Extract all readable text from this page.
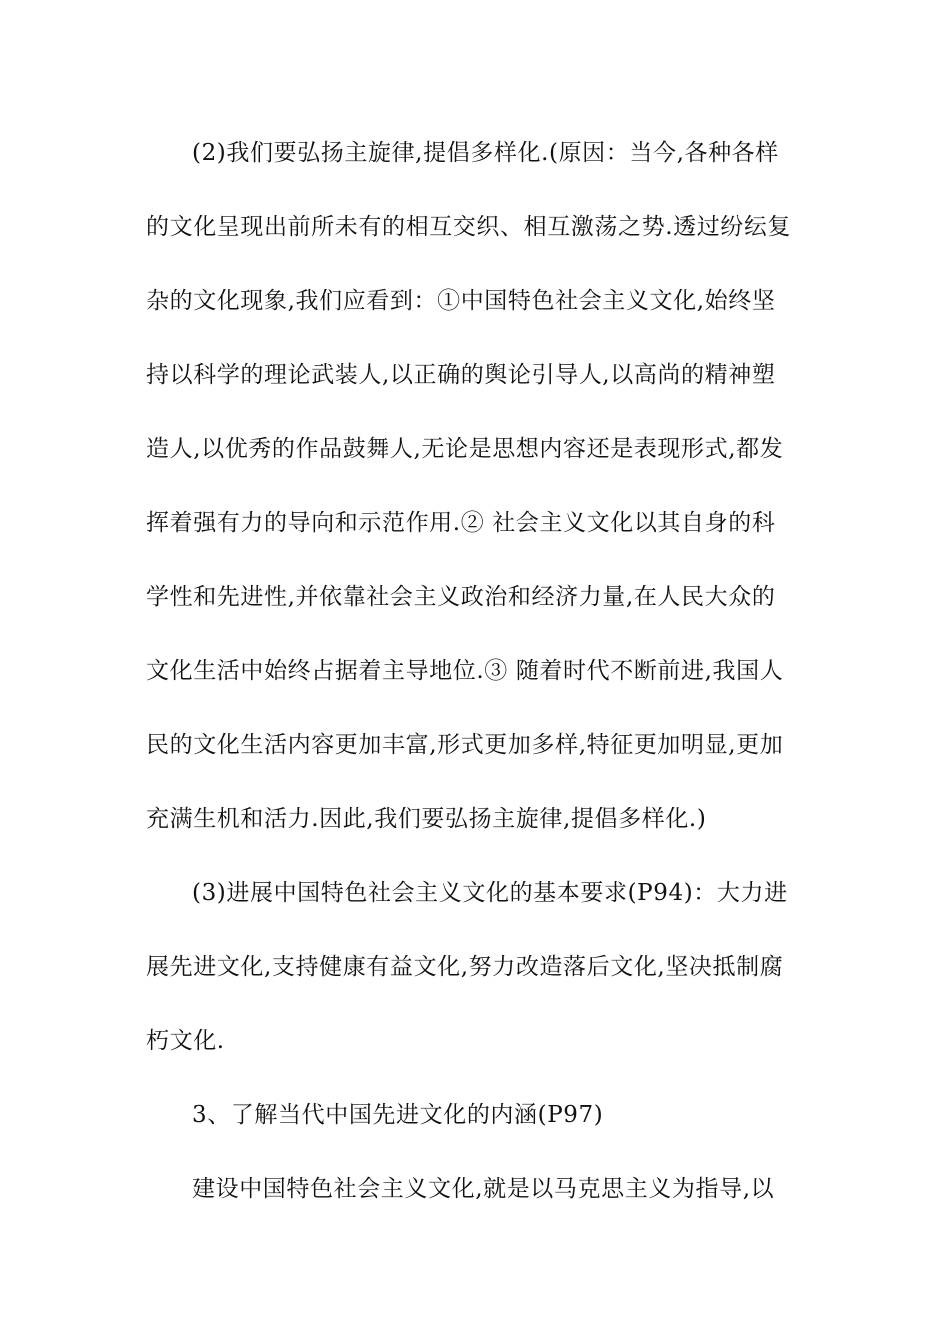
(2)我们要弘扬主旋律,提倡多样化.(原因：当今,各种各样
的文化呈现出前所未有的相互交织、相互激荡之势.透过纷纭复
杂的文化现象,我们应看到：①中国特色社会主义文化,始终坚
持以科学的理论武装人,以正确的舆论引导人,以高尚的精神塑
造人,以优秀的作品鼓舞人,无论是思想内容还是表现形式,都发
挥着强有力的导向和示范作用.② 社会主义文化以其自身的科
学性和先进性,并依靠社会主义政治和经济力量,在人民大众的
文化生活中始终占据着主导地位.③ 随着时代不断前进,我国人
民的文化生活内容更加丰富,形式更加多样,特征更加明显,更加
充满生机和活力.因此,我们要弘扬主旋律,提倡多样化.)
(3)进展中国特色社会主义文化的基本要求(P94)：大力进
展先进文化,支持健康有益文化,努力改造落后文化,坚决抵制腐
朽文化.
3、了解当代中国先进文化的内涵(P97)
建设中国特色社会主义文化,就是以马克思主义为指导,以
